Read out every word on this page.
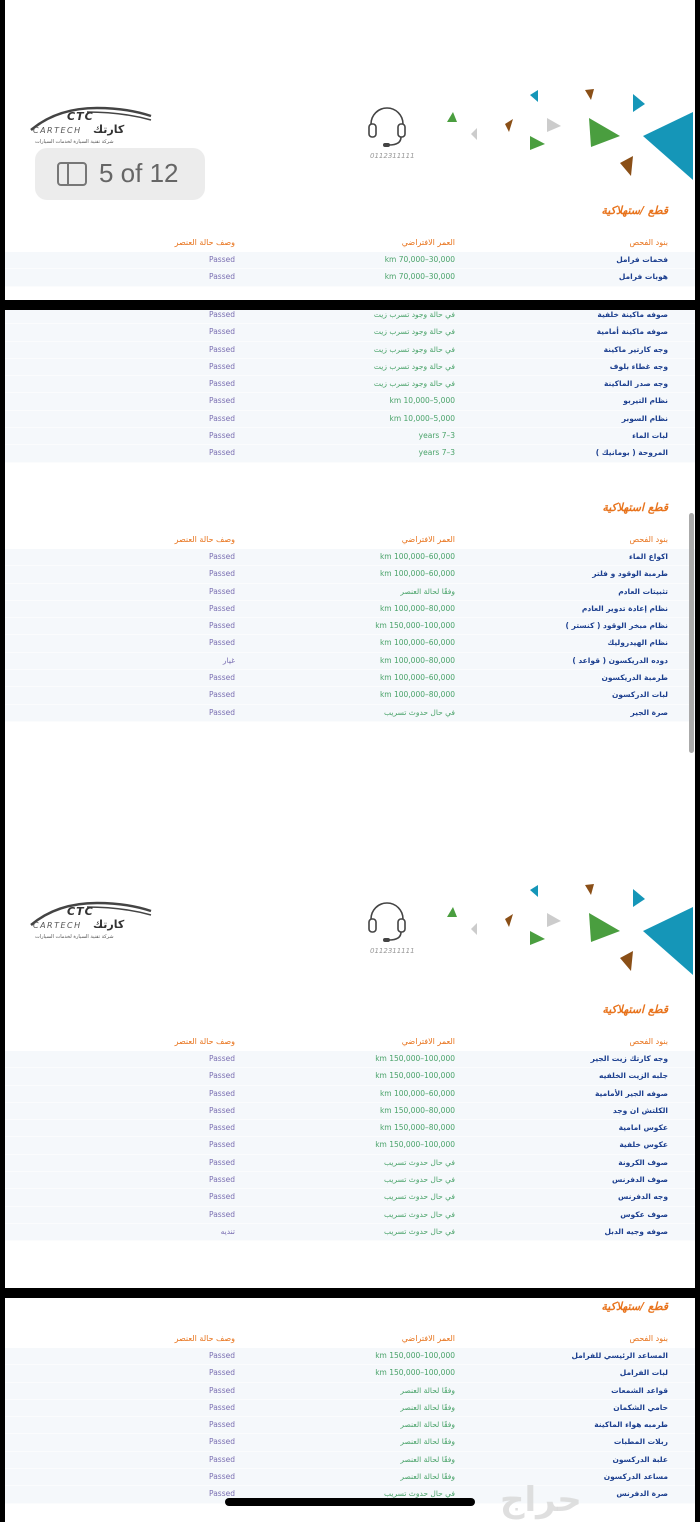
CTC
CARTECH كارتك
شركة تقنية السيارة لخدمات السيارات
0112311111
قطع /ستهلاكية
بنود الفحص
العمر الافتراضي
وصف حالة العنصر
فحمات فرامل
km 70,000–30,000
Passed
هوبات فرامل
km 70,000–30,000
Passed
صوفه ماكينة خلفية
في حالة وجود تسرب زيت
Passed
صوفه ماكينة أمامية
في حالة وجود تسرب زيت
Passed
وجه كارتير ماكينة
في حالة وجود تسرب زيت
Passed
وجه غطاء بلوف
في حالة وجود تسرب زيت
Passed
وجه صدر الماكينة
في حالة وجود تسرب زيت
Passed
نظام التيربو
km 10,000–5,000
Passed
نظام السوبر
km 10,000–5,000
Passed
لبات الماء
years 7–3
Passed
المروحة ( بومانيك )
years 7–3
Passed
قطع استهلاكية
بنود الفحص
العمر الافتراضي
وصف حالة العنصر
اكواع الماء
km 100,000–60,000
Passed
طرمبة الوقود و فلتر
km 100,000–60,000
Passed
تثبيتات العادم
وفقًا لحالة العنصر
Passed
نظام إعادة تدوير العادم
km 100,000–80,000
Passed
نظام مبخر الوقود ( كنستر )
km 150,000–100,000
Passed
نظام الهيدروليك
km 100,000–60,000
Passed
دوده الدريكسون ( قواعد )
km 100,000–80,000
غيار
طرمبة الدريكسون
km 100,000–60,000
Passed
لبات الدركسون
km 100,000–80,000
Passed
صرة الجير
في حال حدوث تسريب
Passed
CTC
CARTECH كارتك
شركة تقنية السيارة لخدمات السيارات
0112311111
قطع استهلاكية
بنود الفحص
العمر الافتراضي
وصف حالة العنصر
وجه كارتك زيت الجير
km 150,000–100,000
Passed
جلبه الزيت الخلفيه
km 150,000–100,000
Passed
صوفه الجير الأمامية
km 100,000–60,000
Passed
الكلتش ان وجد
km 150,000–80,000
Passed
عكوس امامية
km 150,000–80,000
Passed
عكوس خلفية
km 150,000–100,000
Passed
صوف الكرونة
في حال حدوث تسريب
Passed
صوف الدفرنس
في حال حدوث تسريب
Passed
وجه الدفرنس
في حال حدوث تسريب
Passed
صوف عكوس
في حال حدوث تسريب
Passed
صوفه وجيه الدبل
في حال حدوث تسريب
تنديه
قطع /ستهلاكية
بنود الفحص
العمر الافتراضي
وصف حالة العنصر
المساعد الرئيسي للفرامل
km 150,000–100,000
Passed
لبات الفرامل
km 150,000–100,000
Passed
قواعد الشمعات
وفقًا لحالة العنصر
Passed
حامي الشكمان
وفقًا لحالة العنصر
Passed
طرمبه هواء الماكينة
وفقًا لحالة العنصر
Passed
ربلات المطبات
وفقًا لحالة العنصر
Passed
علبة الدركسون
وفقًا لحالة العنصر
Passed
مساعد الدركسون
وفقًا لحالة العنصر
Passed
صرة الدفرنس
في حال حدوث تسريب
Passed
5 of 12
حراج
